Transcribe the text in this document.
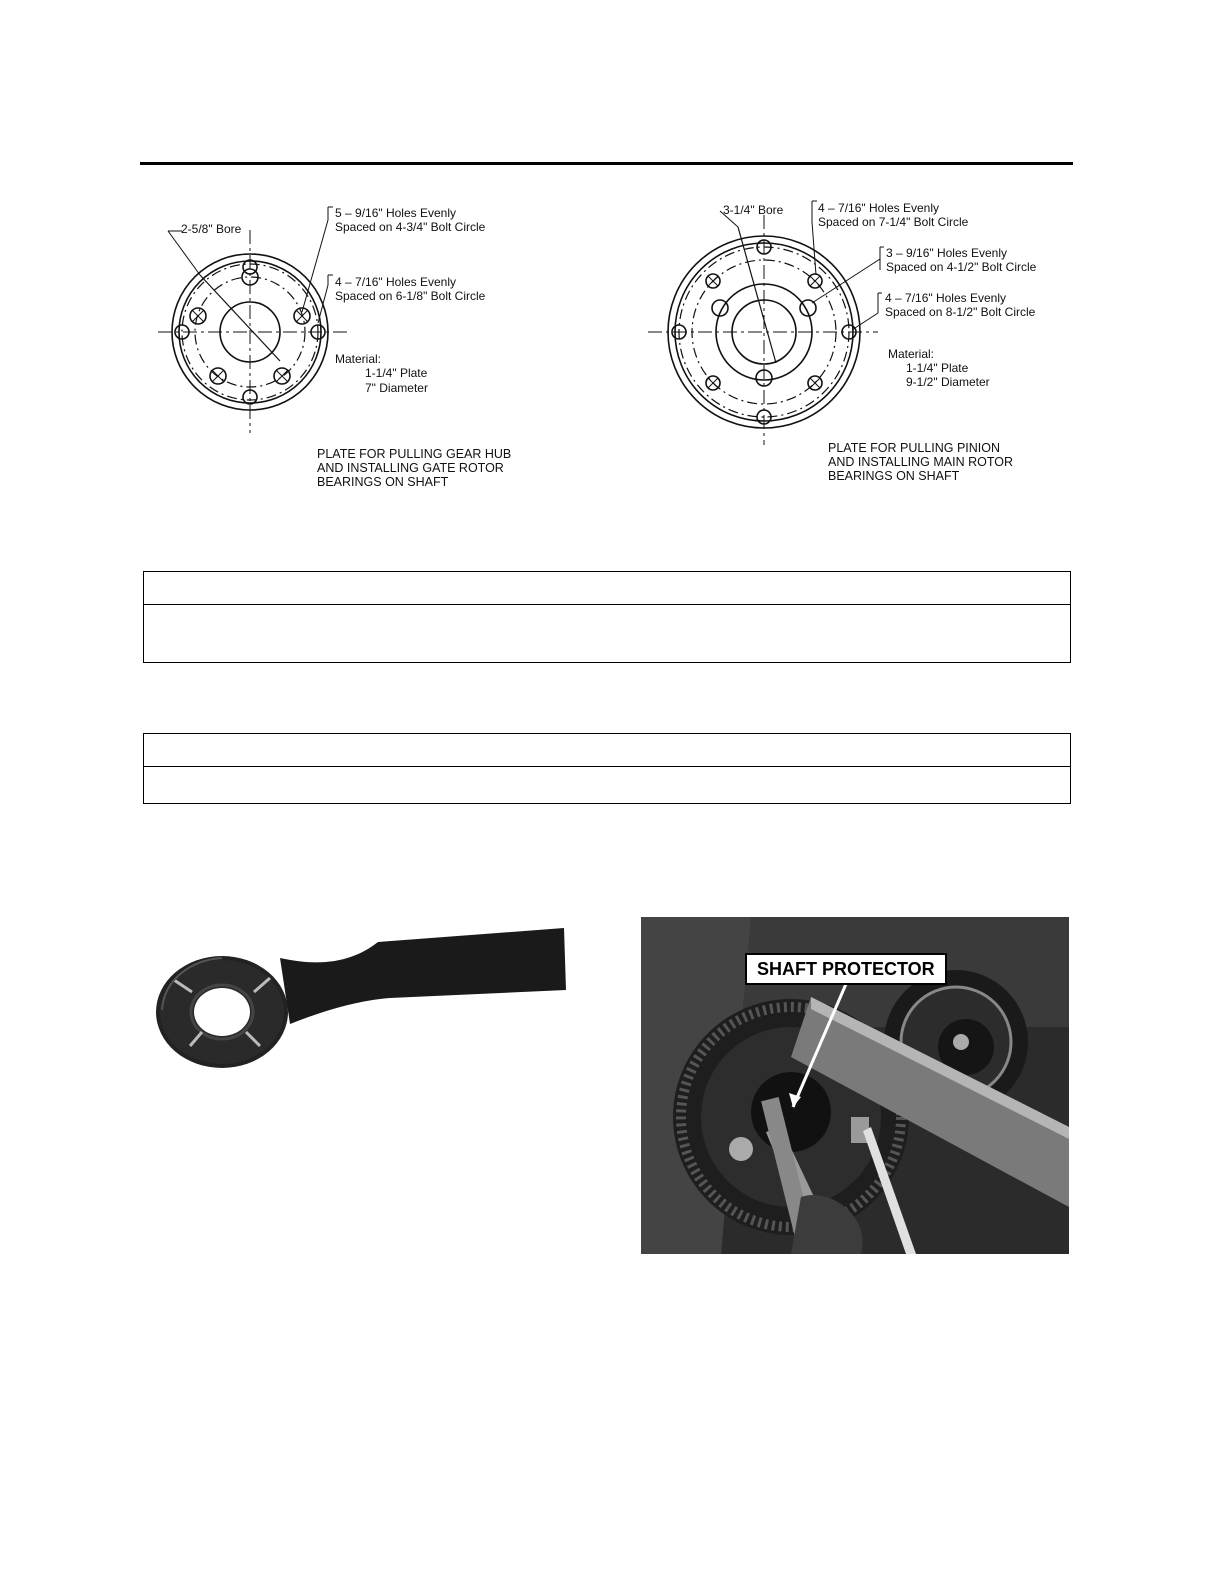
2-5/8" Bore
5 – 9/16" Holes Evenly
Spaced on 4-3/4" Bolt Circle
4 – 7/16" Holes Evenly
Spaced on 6-1/8" Bolt Circle
Material:
1-1/4" Plate
7" Diameter
PLATE FOR PULLING GEAR HUB
AND INSTALLING GATE ROTOR
BEARINGS ON SHAFT
3-1/4" Bore	4 – 7/16" Holes Evenly
Spaced on 7-1/4" Bolt Circle
3 – 9/16" Holes Evenly
Spaced on 4-1/2" Bolt Circle
4 – 7/16" Holes Evenly
Spaced on 8-1/2" Bolt Circle
Material:
1-1/4" Plate
9-1/2" Diameter
PLATE FOR PULLING PINION
AND INSTALLING MAIN ROTOR
BEARINGS ON SHAFT
SHAFT PROTECTOR
